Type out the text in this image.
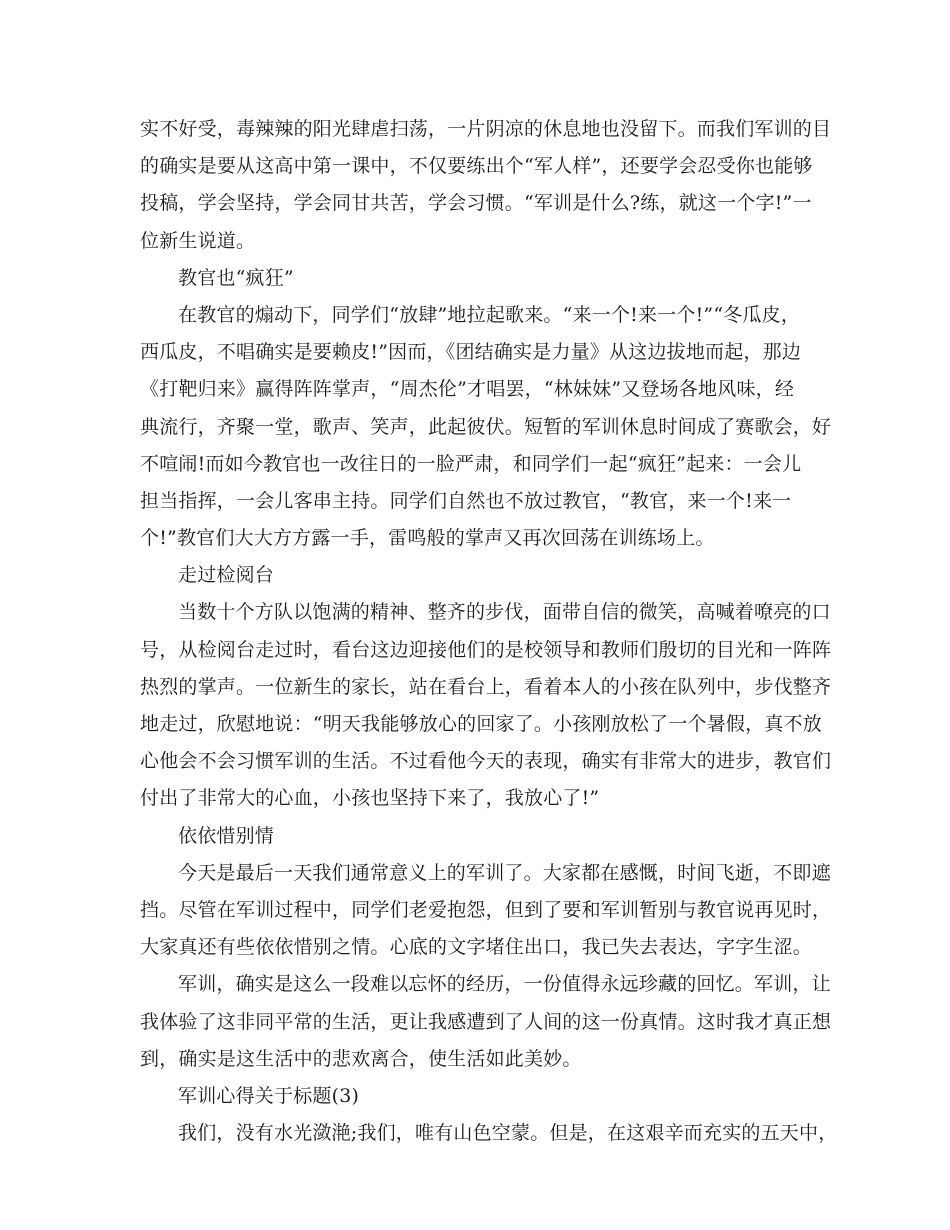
实不好受，毒辣辣的阳光肆虐扫荡，一片阴凉的休息地也没留下。而我们军训的目
的确实是要从这高中第一课中，不仅要练出个“军人样”，还要学会忍受你也能够
投稿，学会坚持，学会同甘共苦，学会习惯。“军训是什么?练，就这一个字!”一
位新生说道。
教官也“疯狂”
在教官的煽动下，同学们“放肆”地拉起歌来。“来一个!来一个!”“冬瓜皮，
西瓜皮，不唱确实是要赖皮!”因而，《团结确实是力量》从这边拔地而起，那边
《打靶归来》赢得阵阵掌声，“周杰伦”才唱罢，“林妹妹”又登场各地风味，经
典流行，齐聚一堂，歌声、笑声，此起彼伏。短暂的军训休息时间成了赛歌会，好
不喧闹!而如今教官也一改往日的一脸严肃，和同学们一起“疯狂”起来：一会儿
担当指挥，一会儿客串主持。同学们自然也不放过教官，“教官，来一个!来一
个!”教官们大大方方露一手，雷鸣般的掌声又再次回荡在训练场上。
走过检阅台
当数十个方队以饱满的精神、整齐的步伐，面带自信的微笑，高喊着嘹亮的口
号，从检阅台走过时，看台这边迎接他们的是校领导和教师们殷切的目光和一阵阵
热烈的掌声。一位新生的家长，站在看台上，看着本人的小孩在队列中，步伐整齐
地走过，欣慰地说：“明天我能够放心的回家了。小孩刚放松了一个暑假，真不放
心他会不会习惯军训的生活。不过看他今天的表现，确实有非常大的进步，教官们
付出了非常大的心血，小孩也坚持下来了，我放心了!”
依依惜别情
今天是最后一天我们通常意义上的军训了。大家都在感慨，时间飞逝，不即遮
挡。尽管在军训过程中，同学们老爱抱怨，但到了要和军训暂别与教官说再见时，
大家真还有些依依惜别之情。心底的文字堵住出口，我已失去表达，字字生涩。
军训，确实是这么一段难以忘怀的经历，一份值得永远珍藏的回忆。军训，让
我体验了这非同平常的生活，更让我感遭到了人间的这一份真情。这时我才真正想
到，确实是这生活中的悲欢离合，使生活如此美妙。
军训心得关于标题(3)
我们，没有水光潋滟;我们，唯有山色空蒙。但是，在这艰辛而充实的五天中，
